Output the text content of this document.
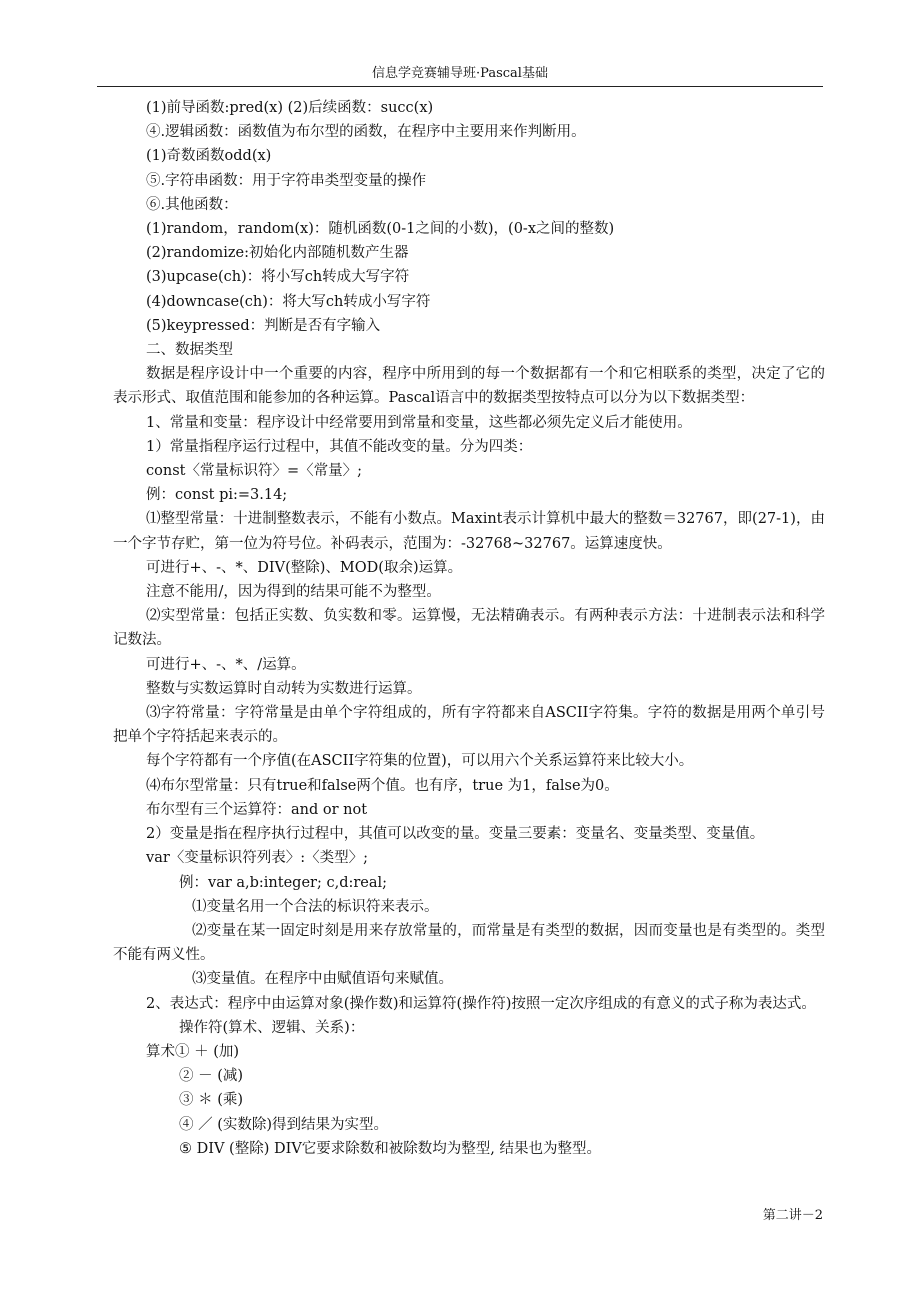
信息学竞赛辅导班·Pascal基础
(1)前导函数:pred(x) (2)后续函数：succ(x)
④.逻辑函数：函数值为布尔型的函数，在程序中主要用来作判断用。
(1)奇数函数odd(x)
⑤.字符串函数：用于字符串类型变量的操作
⑥.其他函数：
(1)random，random(x)：随机函数(0-1之间的小数)，(0-x之间的整数)
(2)randomize:初始化内部随机数产生器
(3)upcase(ch)：将小写ch转成大写字符
(4)downcase(ch)：将大写ch转成小写字符
(5)keypressed：判断是否有字输入
二、数据类型
数据是程序设计中一个重要的内容，程序中所用到的每一个数据都有一个和它相联系的类型，决定了它的表示形式、取值范围和能参加的各种运算。Pascal语言中的数据类型按特点可以分为以下数据类型：
1、常量和变量：程序设计中经常要用到常量和变量，这些都必须先定义后才能使用。
1）常量指程序运行过程中，其值不能改变的量。分为四类：
const〈常量标识符〉=〈常量〉;
例：const pi:=3.14;
⑴整型常量：十进制整数表示，不能有小数点。Maxint表示计算机中最大的整数＝32767，即(27-1)，由一个字节存贮，第一位为符号位。补码表示，范围为：-32768~32767。运算速度快。
可进行+、-、*、DIV(整除)、MOD(取余)运算。
注意不能用/，因为得到的结果可能不为整型。
⑵实型常量：包括正实数、负实数和零。运算慢，无法精确表示。有两种表示方法：十进制表示法和科学记数法。
可进行+、-、*、/运算。
整数与实数运算时自动转为实数进行运算。
⑶字符常量：字符常量是由单个字符组成的，所有字符都来自ASCII字符集。字符的数据是用两个单引号把单个字符括起来表示的。
每个字符都有一个序值(在ASCII字符集的位置)，可以用六个关系运算符来比较大小。
⑷布尔型常量：只有true和false两个值。也有序，true 为1，false为0。
布尔型有三个运算符：and or not
2）变量是指在程序执行过程中，其值可以改变的量。变量三要素：变量名、变量类型、变量值。
var〈变量标识符列表〉:〈类型〉;
例：var a,b:integer; c,d:real;
⑴变量名用一个合法的标识符来表示。
⑵变量在某一固定时刻是用来存放常量的，而常量是有类型的数据，因而变量也是有类型的。类型不能有两义性。
⑶变量值。在程序中由赋值语句来赋值。
2、表达式：程序中由运算对象(操作数)和运算符(操作符)按照一定次序组成的有意义的式子称为表达式。
操作符(算术、逻辑、关系)：
算术① ＋ (加)
② － (减)
③ ＊ (乘)
④ ／ (实数除)得到结果为实型。
⑤ DIV (整除) DIV它要求除数和被除数均为整型, 结果也为整型。
第二讲－2
